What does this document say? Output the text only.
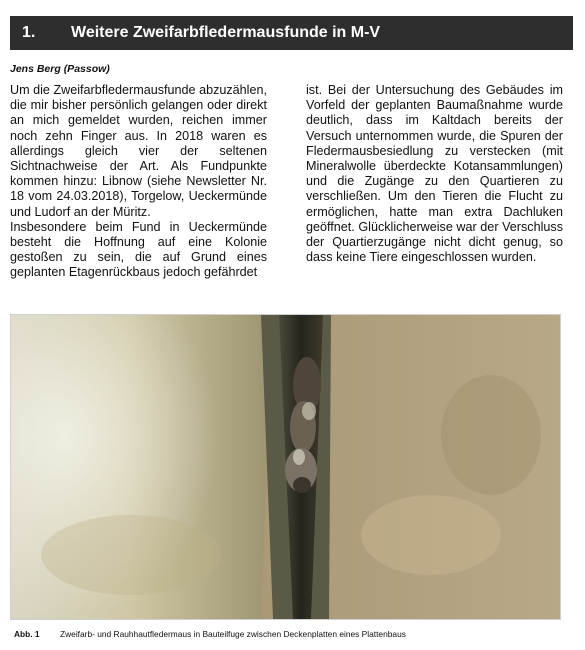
1.	Weitere Zweifarbfledermausfunde in M-V
Jens Berg (Passow)

Um die Zweifarbfledermausfunde abzuzählen, die mir bisher persönlich gelangen oder direkt an mich gemeldet wurden, reichen immer noch zehn Finger aus. In 2018 waren es allerdings gleich vier der seltenen Sichtnachweise der Art. Als Fundpunkte kommen hinzu: Libnow (siehe Newsletter Nr. 18 vom 24.03.2018), Torgelow, Ueckermünde und Ludorf an der Müritz.

Insbesondere beim Fund in Ueckermünde besteht die Hoffnung auf eine Kolonie gestoßen zu sein, die auf Grund eines geplanten Etagenrückbaus jedoch gefährdet

ist. Bei der Untersuchung des Gebäudes im Vorfeld der geplanten Baumaßnahme wurde deutlich, dass im Kaltdach bereits der Versuch unternommen wurde, die Spuren der Fledermausbesiedlung zu verstecken (mit Mineralwolle überdeckte Kotansammlungen) und die Zugänge zu den Quartieren zu verschließen. Um den Tieren die Flucht zu ermöglichen, hatte man extra Dachluken geöffnet. Glücklicherweise war der Verschluss der Quartierzugänge nicht dicht genug, so dass keine Tiere eingeschlossen wurden.

Abb. 1	Zweifarb- und Rauhhautfledermaus in Bauteilfuge zwischen Deckenplatten eines Plattenbaus
